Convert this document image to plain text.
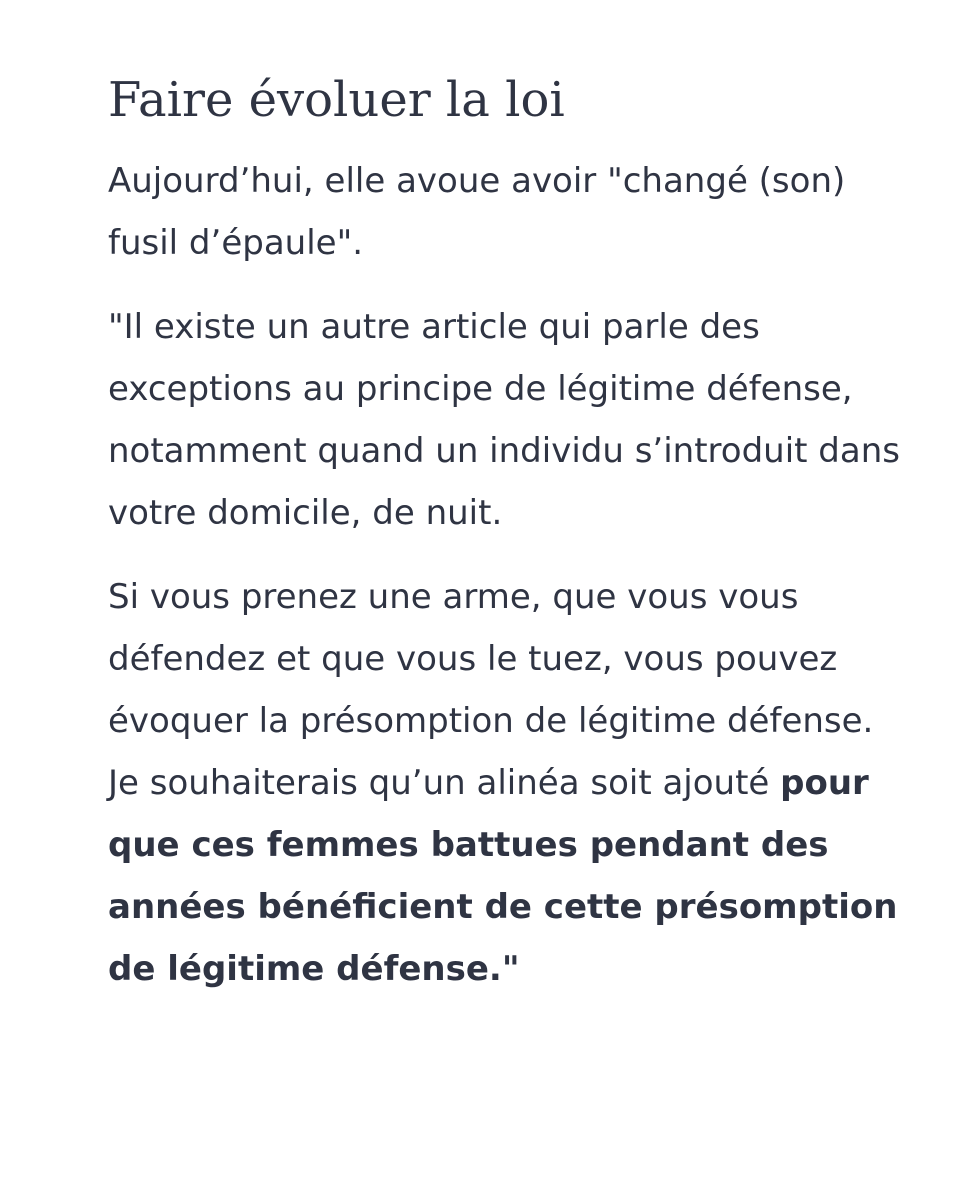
Faire évoluer la loi

Aujourd’hui, elle avoue avoir "changé (son) fusil d’épaule".

"Il existe un autre article qui parle des exceptions au principe de légitime défense, notamment quand un individu s’introduit dans votre domicile, de nuit.

Si vous prenez une arme, que vous vous défendez et que vous le tuez, vous pouvez évoquer la présomption de légitime défense. Je souhaiterais qu’un alinéa soit ajouté pour que ces femmes battues pendant des années bénéficient de cette présomption de légitime défense."
